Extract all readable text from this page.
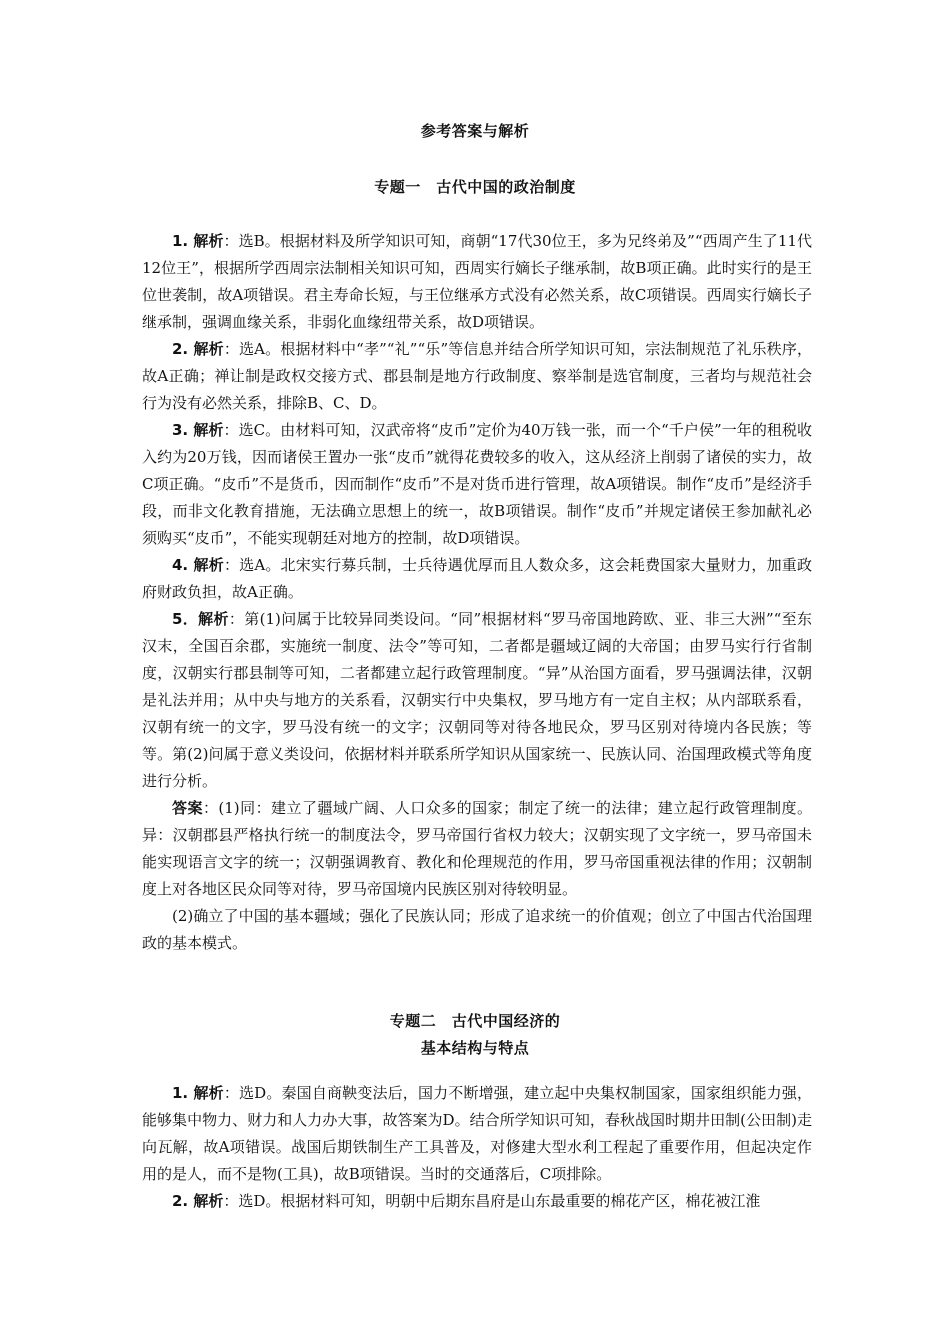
参考答案与解析
专题一　古代中国的政治制度

1. 解析：选B。根据材料及所学知识可知，商朝“17代30位王，多为兄终弟及”“西周产生了11代12位王”，根据所学西周宗法制相关知识可知，西周实行嫡长子继承制，故B项正确。此时实行的是王位世袭制，故A项错误。君主寿命长短，与王位继承方式没有必然关系，故C项错误。西周实行嫡长子继承制，强调血缘关系，非弱化血缘纽带关系，故D项错误。

2. 解析：选A。根据材料中“孝”“礼”“乐”等信息并结合所学知识可知，宗法制规范了礼乐秩序，故A正确；禅让制是政权交接方式、郡县制是地方行政制度、察举制是选官制度，三者均与规范社会行为没有必然关系，排除B、C、D。

3. 解析：选C。由材料可知，汉武帝将“皮币”定价为40万钱一张，而一个“千户侯”一年的租税收入约为20万钱，因而诸侯王置办一张“皮币”就得花费较多的收入，这从经济上削弱了诸侯的实力，故C项正确。“皮币”不是货币，因而制作“皮币”不是对货币进行管理，故A项错误。制作“皮币”是经济手段，而非文化教育措施，无法确立思想上的统一，故B项错误。制作“皮币”并规定诸侯王参加献礼必须购买“皮币”，不能实现朝廷对地方的控制，故D项错误。

4. 解析：选A。北宋实行募兵制，士兵待遇优厚而且人数众多，这会耗费国家大量财力，加重政府财政负担，故A正确。

5．解析：第(1)问属于比较异同类设问。“同”根据材料“罗马帝国地跨欧、亚、非三大洲”“至东汉末，全国百余郡，实施统一制度、法令”等可知，二者都是疆域辽阔的大帝国；由罗马实行行省制度，汉朝实行郡县制等可知，二者都建立起行政管理制度。“异”从治国方面看，罗马强调法律，汉朝是礼法并用；从中央与地方的关系看，汉朝实行中央集权，罗马地方有一定自主权；从内部联系看，汉朝有统一的文字，罗马没有统一的文字；汉朝同等对待各地民众，罗马区别对待境内各民族；等等。第(2)问属于意义类设问，依据材料并联系所学知识从国家统一、民族认同、治国理政模式等角度进行分析。

答案：(1)同：建立了疆域广阔、人口众多的国家；制定了统一的法律；建立起行政管理制度。异：汉朝郡县严格执行统一的制度法令，罗马帝国行省权力较大；汉朝实现了文字统一，罗马帝国未能实现语言文字的统一；汉朝强调教育、教化和伦理规范的作用，罗马帝国重视法律的作用；汉朝制度上对各地区民众同等对待，罗马帝国境内民族区别对待较明显。

(2)确立了中国的基本疆域；强化了民族认同；形成了追求统一的价值观；创立了中国古代治国理政的基本模式。

专题二　古代中国经济的
基本结构与特点

1. 解析：选D。秦国自商鞅变法后，国力不断增强，建立起中央集权制国家，国家组织能力强，能够集中物力、财力和人力办大事，故答案为D。结合所学知识可知，春秋战国时期井田制(公田制)走向瓦解，故A项错误。战国后期铁制生产工具普及，对修建大型水利工程起了重要作用，但起决定作用的是人，而不是物(工具)，故B项错误。当时的交通落后，C项排除。

2. 解析：选D。根据材料可知，明朝中后期东昌府是山东最重要的棉花产区，棉花被江淮
